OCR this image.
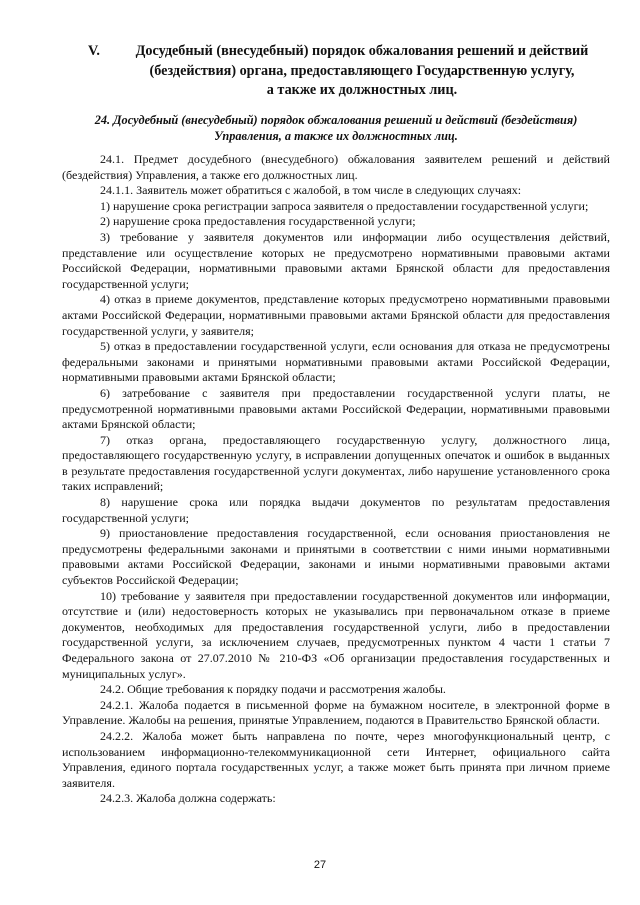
V.	Досудебный (внесудебный) порядок обжалования решений и действий
(бездействия) органа, предоставляющего Государственную услугу,
а также их должностных лиц.
24. Досудебный (внесудебный) порядок обжалования решений и действий (бездействия)
Управления, а также их должностных лиц.

24.1. Предмет досудебного (внесудебного) обжалования заявителем решений и действий (бездействия) Управления, а также его должностных лиц.

24.1.1. Заявитель может обратиться с жалобой, в том числе в следующих случаях:

1) нарушение срока регистрации запроса заявителя о предоставлении государственной услуги;

2) нарушение срока предоставления государственной услуги;

3) требование у заявителя документов или информации либо осуществления действий, представление или осуществление которых не предусмотрено нормативными правовыми актами Российской Федерации, нормативными правовыми актами Брянской области для предоставления государственной услуги;

4) отказ в приеме документов, представление которых предусмотрено нормативными правовыми актами Российской Федерации, нормативными правовыми актами Брянской области для предоставления государственной услуги, у заявителя;

5) отказ в предоставлении государственной услуги, если основания для отказа не предусмотрены федеральными законами и принятыми нормативными правовыми актами Российской Федерации, нормативными правовыми актами Брянской области;

6) затребование с заявителя при предоставлении государственной услуги платы, не предусмотренной нормативными правовыми актами Российской Федерации, нормативными правовыми актами Брянской области;

7) отказ органа, предоставляющего государственную услугу, должностного лица, предоставляющего государственную услугу, в исправлении допущенных опечаток и ошибок в выданных в результате предоставления государственной услуги документах, либо нарушение установленного срока таких исправлений;

8) нарушение срока или порядка выдачи документов по результатам предоставления государственной услуги;

9) приостановление предоставления государственной, если основания приостановления не предусмотрены федеральными законами и принятыми в соответствии с ними иными нормативными правовыми актами Российской Федерации, законами и иными нормативными правовыми актами субъектов Российской Федерации;

10) требование у заявителя при предоставлении государственной документов или информации, отсутствие и (или) недостоверность которых не указывались при первоначальном отказе в приеме документов, необходимых для предоставления государственной услуги, либо в предоставлении государственной услуги, за исключением случаев, предусмотренных пунктом 4 части 1 статьи 7 Федерального закона от 27.07.2010 № 210-ФЗ «Об организации предоставления государственных и муниципальных услуг».

24.2. Общие требования к порядку подачи и рассмотрения жалобы.

24.2.1. Жалоба подается в письменной форме на бумажном носителе, в электронной форме в Управление. Жалобы на решения, принятые Управлением, подаются в Правительство Брянской области.

24.2.2. Жалоба может быть направлена по почте, через многофункциональный центр, с использованием информационно-телекоммуникационной сети Интернет, официального сайта Управления, единого портала государственных услуг, а также может быть принята при личном приеме заявителя.

24.2.3. Жалоба должна содержать:

27
